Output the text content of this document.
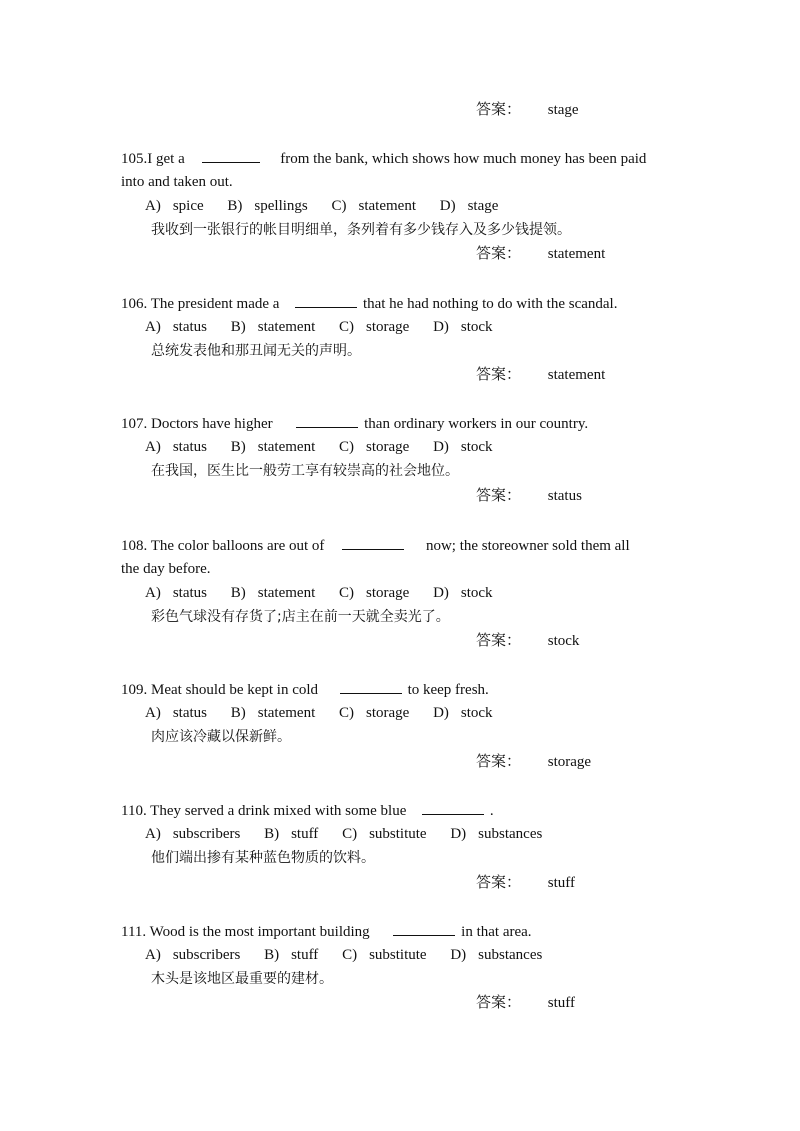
答案： stage
105.I get a	from the bank, which shows how much money has been paid
into and taken out.
A) spice B) spellings C) statement D) stage
我收到一张银行的帐目明细单，条列着有多少钱存入及多少钱提领。
答案： statement
106. The president made a	that he had nothing to do with the scandal.
A) status B) statement C) storage D) stock
总统发表他和那丑闻无关的声明。
答案： statement
107. Doctors have higher	than ordinary workers in our country.
A) status B) statement C) storage D) stock
在我国，医生比一般劳工享有较崇高的社会地位。
答案： status
108. The color balloons are out of	now; the storeowner sold them all
the day before.
A) status B) statement C) storage D) stock
彩色气球没有存货了;店主在前一天就全卖光了。
答案： stock
109. Meat should be kept in cold	to keep fresh.
A) status B) statement C) storage D) stock
肉应该冷藏以保新鲜。
答案： storage
110. They served a drink mixed with some blue	.
A) subscribers B) stuff C) substitute D) substances
他们端出掺有某种蓝色物质的饮料。
答案： stuff
111. Wood is the most important building	in that area.
A) subscribers B) stuff C) substitute D) substances
木头是该地区最重要的建材。
答案： stuff
